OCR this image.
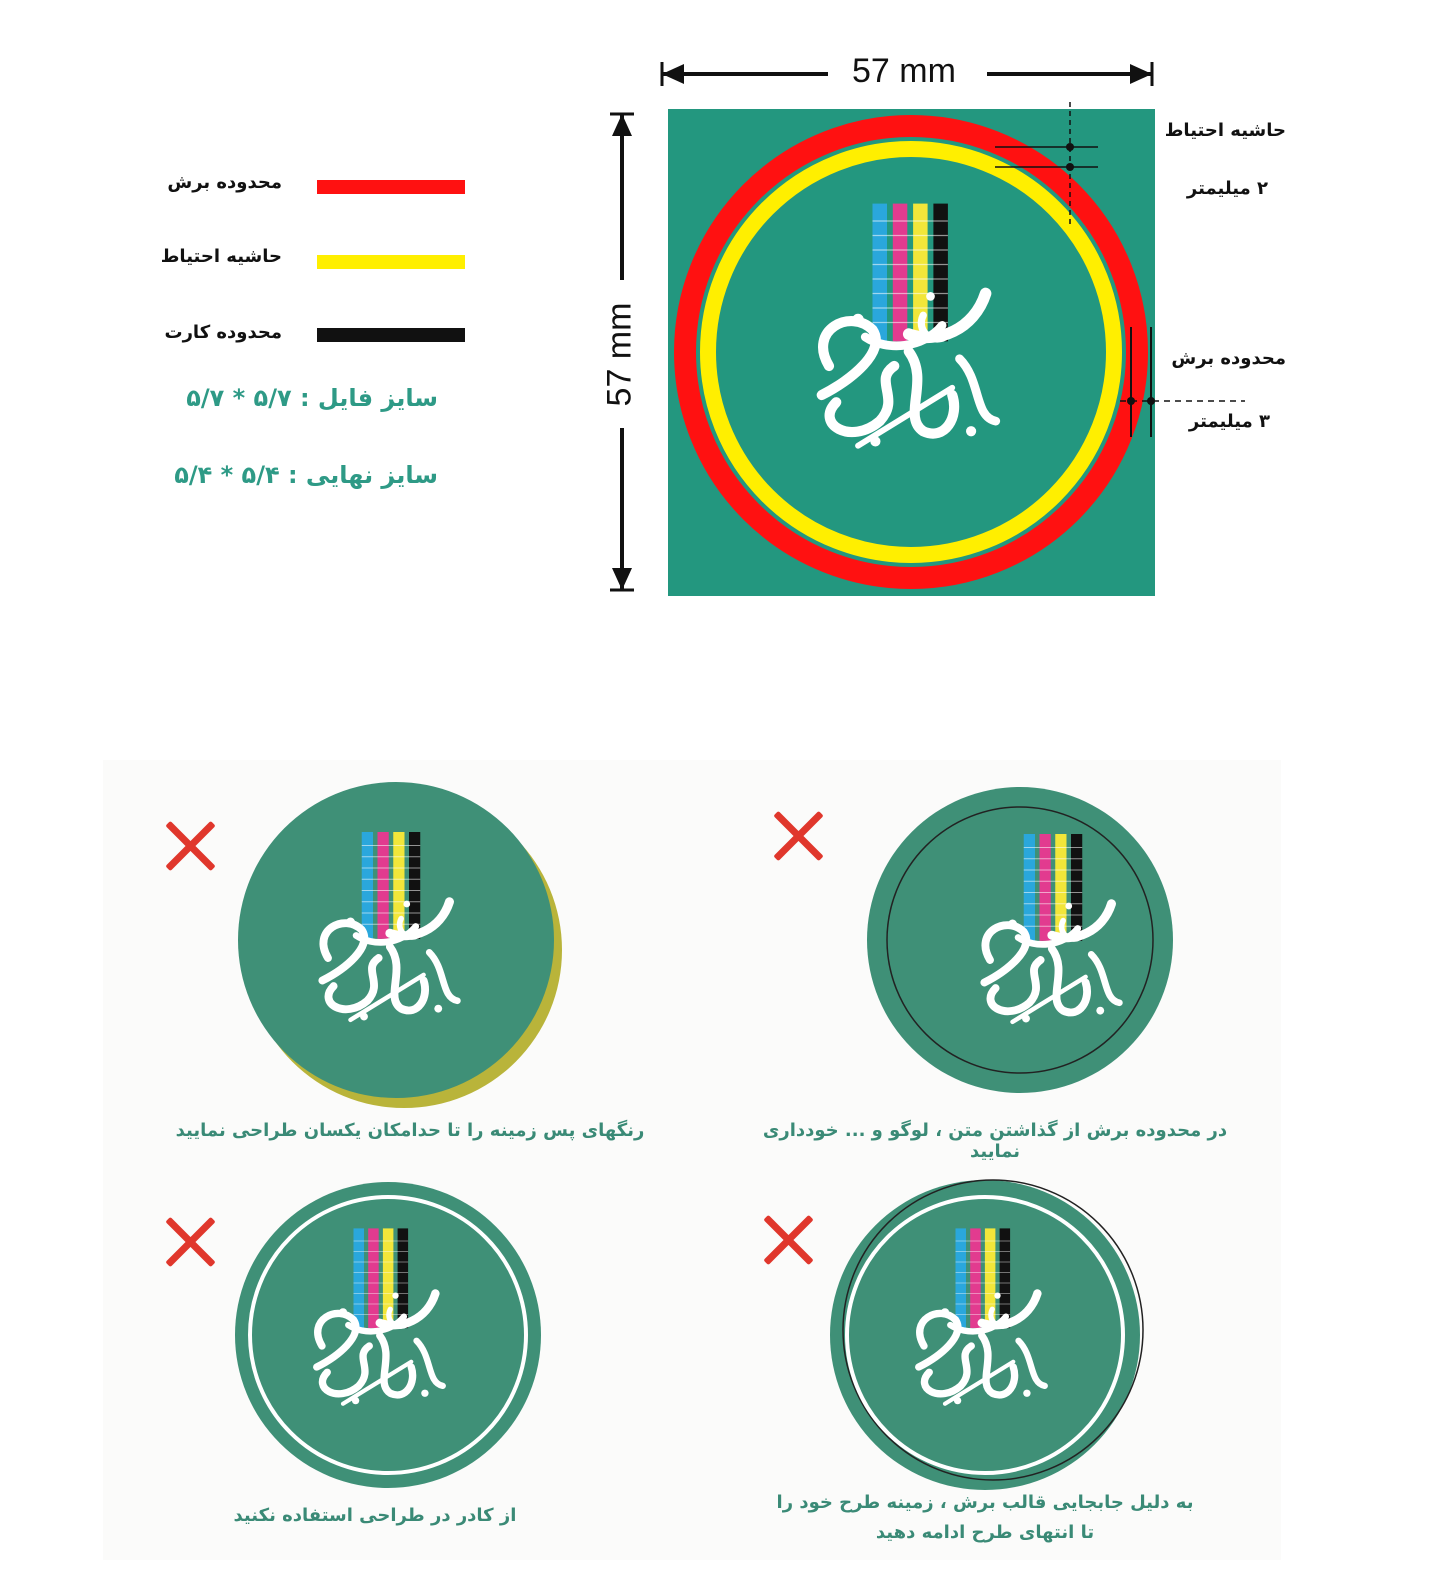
محدوده برش
حاشیه احتیاط
محدوده کارت
سایز فایل : ۵/۷ * ۵/۷
سایز نهایی : ۵/۴ * ۵/۴
57 mm
57 mm
حاشیه احتیاط
۲ میلیمتر
محدوده برش
۳ میلیمتر
رنگهای پس زمینه را تا حدامکان یکسان طراحی نمایید	در محدوده برش از گذاشتن متن ، لوگو و ... خودداری نمایید
از کادر در طراحی استفاده نکنید
به دلیل جابجایی قالب برش ، زمینه طرح خود را
تا انتهای طرح ادامه دهید
